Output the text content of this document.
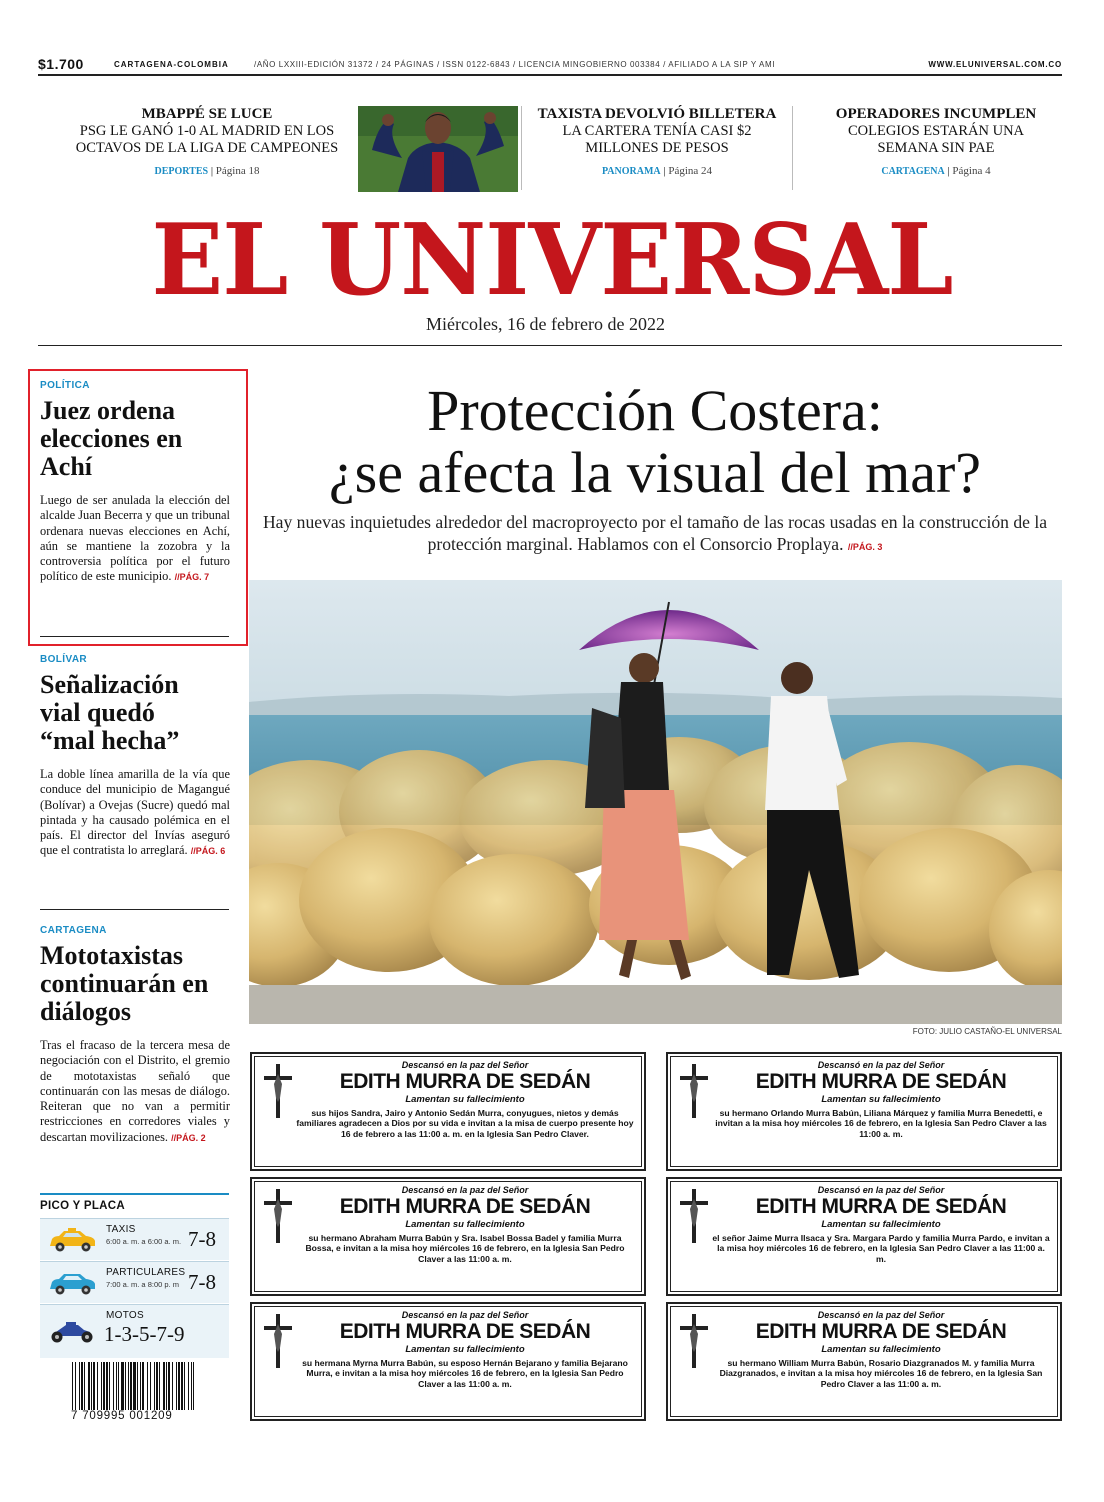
$1.700	CARTAGENA-COLOMBIA	/AÑO LXXIII-EDICIÓN 31372 / 24 PÁGINAS / ISSN 0122-6843 / LICENCIA MINGOBIERNO 003384 / AFILIADO A LA SIP Y AMI	WWW.ELUNIVERSAL.COM.CO
MBAPPÉ SE LUCE
PSG LE GANÓ 1-0 AL MADRID EN LOS
OCTAVOS DE LA LIGA DE CAMPEONES
DEPORTES | Página 18
TAXISTA DEVOLVIÓ BILLETERA
LA CARTERA TENÍA CASI $2
MILLONES DE PESOS
PANORAMA | Página 24
OPERADORES INCUMPLEN
COLEGIOS ESTARÁN UNA
SEMANA SIN PAE
CARTAGENA | Página 4
EL UNIVERSAL
Miércoles, 16 de febrero de 2022
POLÍTICA
Juez ordena elecciones en Achí
Luego de ser anulada la elección del alcalde Juan Becerra y que un tribunal ordenara nuevas elecciones en Achí, aún se mantiene la zozobra y la controversia política por el futuro político de este municipio. //PÁG. 7
BOLÍVAR
Señalización vial quedó “mal hecha”
La doble línea amarilla de la vía que conduce del municipio de Magangué (Bolívar) a Ovejas (Sucre) quedó mal pintada y ha causado polémica en el país. El director del Invías aseguró que el contratista lo arreglará. //PÁG. 6
CARTAGENA
Mototaxistas continuarán en diálogos
Tras el fracaso de la tercera mesa de negociación con el Distrito, el gremio de mototaxistas señaló que continuarán con las mesas de diálogo. Reiteran que no van a permitir restricciones en corredores viales y descartan movilizaciones. //PÁG. 2
PICO Y PLACA
TAXIS
6:00 a. m. a 6:00 a. m. 7-8
PARTICULARES
7:00 a. m. a 8:00 p. m 7-8
MOTOS
1-3-5-7-9
7 709995 001209
Protección Costera:
¿se afecta la visual del mar?
Hay nuevas inquietudes alrededor del macroproyecto por el tamaño de las rocas usadas en la construcción de la protección marginal. Hablamos con el Consorcio Proplaya. //PÁG. 3
FOTO: JULIO CASTAÑO-EL UNIVERSAL
Descansó en la paz del Señor
EDITH MURRA DE SEDÁN
Lamentan su fallecimiento
sus hijos Sandra, Jairo y Antonio Sedán Murra, conyugues, nietos y demás familiares agradecen a Dios por su vida e invitan a la misa de cuerpo presente hoy 16 de febrero a las 11:00 a. m. en la Iglesia San Pedro Claver.
Descansó en la paz del Señor
EDITH MURRA DE SEDÁN
Lamentan su fallecimiento
su hermano Orlando Murra Babún, Liliana Márquez y familia Murra Benedetti, e invitan a la misa hoy miércoles 16 de febrero, en la Iglesia San Pedro Claver a las 11:00 a. m.
Descansó en la paz del Señor
EDITH MURRA DE SEDÁN
Lamentan su fallecimiento
su hermano Abraham Murra Babún y Sra. Isabel Bossa Badel y familia Murra Bossa, e invitan a la misa hoy miércoles 16 de febrero, en la Iglesia San Pedro Claver a las 11:00 a. m.
Descansó en la paz del Señor
EDITH MURRA DE SEDÁN
Lamentan su fallecimiento
el señor Jaime Murra Ilsaca y Sra. Margara Pardo y familia Murra Pardo, e invitan a la misa hoy miércoles 16 de febrero, en la Iglesia San Pedro Claver a las 11:00 a. m.
Descansó en la paz del Señor
EDITH MURRA DE SEDÁN
Lamentan su fallecimiento
su hermana Myrna Murra Babún, su esposo Hernán Bejarano y familia Bejarano Murra, e invitan a la misa hoy miércoles 16 de febrero, en la Iglesia San Pedro Claver a las 11:00 a. m.
Descansó en la paz del Señor
EDITH MURRA DE SEDÁN
Lamentan su fallecimiento
su hermano William Murra Babún, Rosario Diazgranados M. y familia Murra Diazgranados, e invitan a la misa hoy miércoles 16 de febrero, en la Iglesia San Pedro Claver a las 11:00 a. m.
